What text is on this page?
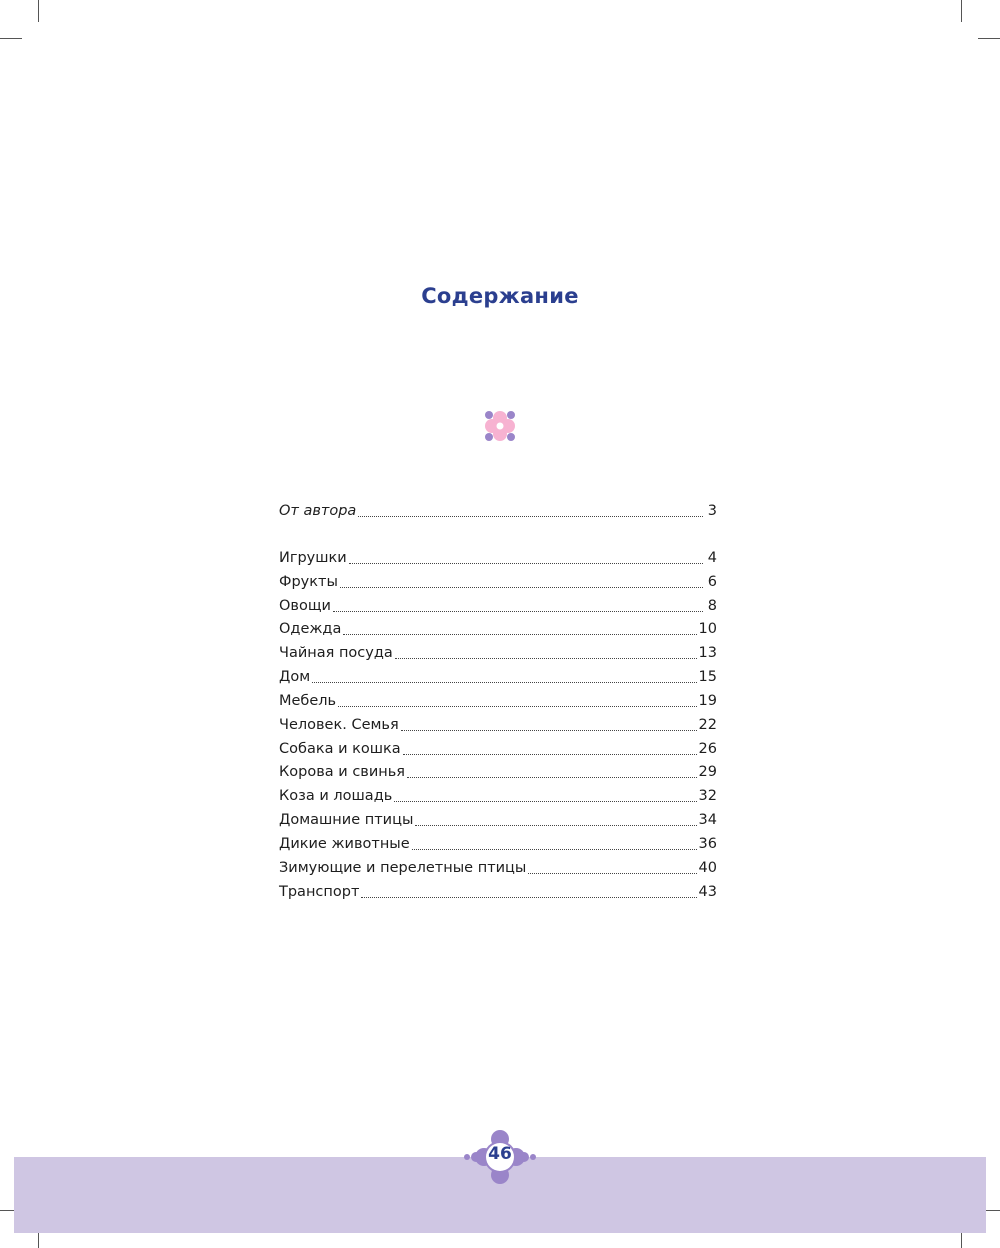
Содержание
От автора	3
Игрушки	4
Фрукты	6
Овощи	8
Одежда	10
Чайная посуда	13
Дом	15
Мебель	19
Человек. Семья	22
Собака и кошка	26
Корова и свинья	29
Коза и лошадь	32
Домашние птицы	34
Дикие животные	36
Зимующие и перелетные птицы	40
Транспорт	43
46
